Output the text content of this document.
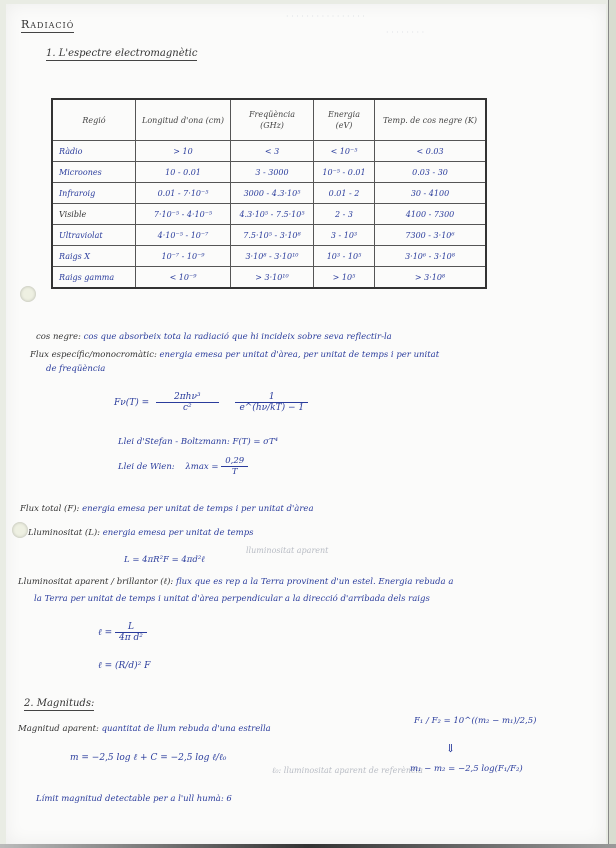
Radiació
1. L'espectre electromagnètic
Regió	Longitud d'ona (cm)	Freqüència (GHz)	Energia (eV)	Temp. de cos negre (K)
Ràdio	> 10	< 3	< 10⁻⁵	< 0.03
Microones	10 - 0.01	3 - 3000	10⁻⁵ - 0.01	0.03 - 30
Infraroig	0.01 - 7·10⁻⁵	3000 - 4.3·10⁵	0.01 - 2	30 - 4100
Visible	7·10⁻⁵ - 4·10⁻⁵	4.3·10⁵ - 7.5·10⁵	2 - 3	4100 - 7300
Ultraviolat	4·10⁻⁵ - 10⁻⁷	7.5·10⁵ - 3·10⁸	3 - 10³	7300 - 3·10⁶
Raigs X	10⁻⁷ - 10⁻⁹	3·10⁸ - 3·10¹⁰	10³ - 10⁵	3·10⁶ - 3·10⁸
Raigs gamma	< 10⁻⁹	> 3·10¹⁰	> 10⁵	> 3·10⁸
cos negre: cos que absorbeix tota la radiació que hi incideix sobre seva reflectir-la
Flux específic/monocromàtic: energia emesa per unitat d'àrea, per unitat de temps i per unitat
de freqüència
$F\nu(T) = \frac{\text{2πhν³}}{\text{c²}}$
$\frac{1}{e\^{}(h\nu/kT) - 1}$
Llei d'Stefan - Boltzmann: F(T) = σT⁴
Llei de Wien: $\lambda\max = \frac{0,29}{T}$
Flux total (F): energia emesa per unitat de temps i per unitat d'àrea
Lluminositat (L): energia emesa per unitat de temps
L = 4πR²F = 4πd²ℓ
lluminositat aparent
Lluminositat aparent / brillantor (ℓ): flux que es rep a la Terra provinent d'un estel. Energia rebuda a
la Terra per unitat de temps i unitat d'àrea perpendicular a la direcció d'arribada dels raigs
ℓ = $\frac{L}{\text{4π d²}}$
ℓ = (R/d)² F
2. Magnituds:
Magnitud aparent: quantitat de llum rebuda d'una estrella
m = −2,5 log ℓ + C = −2,5 log ℓ/ℓ₀
ℓ₀: lluminositat aparent de referència
F₁ / F₂ = 10^((m₂ − m₁)/2,5)
⇓
m₁ − m₂ = −2,5 log(F₁/F₂)
Límit magnitud detectable per a l'ull humà: 6
· · · · · · · · · · · · · · · ·
· · · · · · · ·
